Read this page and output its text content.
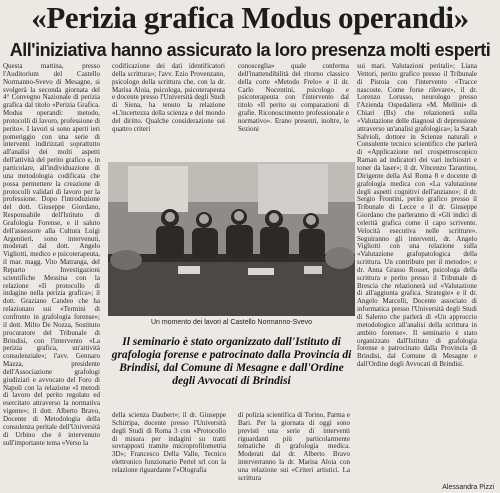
«Perizia grafica Modus operandi»
All'iniziativa hanno assicurato la loro presenza molti esperti

Questa mattina, presso l'Auditorium del Castello Normanno-Svevo di Mesagne, si svolgerà la seconda giornata del 4° Convegno Nazionale di perizia grafica dal titolo «Perizia Grafica. Modus operandi: metodo, protocolli di lavoro, professione di perito». I lavori si sono aperti ieri pomeriggio con una serie di interventi indirizzati soprattutto all'analisi dei molti aspetti dell'attività del perito grafico e, in particolare, all'individuazione di una metodologia codificata che possa permettere la creazione di protocolli validati di lavoro per la professione. Dopo l'introduzione del dott. Giuseppe Giordano, Responsabile dell'Istituto di Grafologia Forense, e il saluto dell'assessore alla Cultura Luigi Argentieri, sono intervenuti, moderati dal dott. Angelo Vigliotti, medico e psicoterapeuta, il mar. magg. Vito Matranga, del Reparto Investigazioni scientifiche Messina con la relazione «Il protocollo di indagine nella perizia grafica»; il dott. Graziano Candeo che ha relazionato sui «Termini di confronto in grafologia forense»; il dott. Milto De Nozza, Sostituto procuratore del Tribunale di Brindisi, con l'intervento «La perizia grafica, un'attività consulenziale»; l'avv. Gennaro Mazza, presidente dell'Associazione grafologi giudiziari e avvocato del Foro di Napoli con la relazione «I metodi di lavoro del perito regolato ed esercitato attraverso la normativa vigente»; il dott. Alberto Bravo, Docente di Metodologia della consulenza peritale dell'Università di Urbino che è intervenuto sull'importante tema «Verso la

codificazione dei dati identificatori della scrittura»; l'avv. Ezio Provenzano, psicologo della scrittura che, con la dr. Marisa Aloia, psicologa, psicoterapeuta e docente presso l'Università degli Studi di Siena, ha tenuto la relazione «L'incertezza della scienza e del mondo del diritto. Qualche considerazione sui quattro criteri

conosceglia» quale conferma dell'inattendibilità del ritorno classico della corte «Metodo Frelo» e il dr. Carlo Nocentini, psicologo e psicoterapeuta con l'intervento dal titolo «Il perito su comparazioni di grafie. Riconoscimento professionale e normativo». Erano presenti, inoltre, le Sezioni

sui mari. Valutazioni peritali»; Liana Vettori, perito grafico presso il Tribunale di Pistoia con l'intervento «Tracce nascoste. Come forse rilevare», il dr. Lorenzo Lorusso, neurologo presso l'Azienda Ospedaliera «M. Mellini» di Chiari (Bs) che relazionerà sulla «Valutazione delle diagnosi di depressione attraverso un'analisi grafologica»; la Sarah Salvioli, dottore in Scienze naturali e Consulente tecnico scientifico che parlerà di «Applicazione nel crospettroscopico Raman ad indicatori dei vari inchiostri e toner da laser»; il dr. Vincenzo Tarantino, Dirigente della Asl Roma 8 e docente di grafologia medica con «La valutazione degli aspetti cognitivi dell'anziano»; il dr. Sergio Frontini, perito grafico presso il Tribunale di Lecce e il dr. Giuseppe Giordano che parleranno di «Gli indici di celerità grafica come il capo scrivente. Velocità esecutiva nelle scritture». Seguiranno gli interventi, dr. Angelo Vigliotti con una relazione sulla «Valutazione grafopatologica della scrittura. Un contributo per il metodo»; e dr. Anna Grasso Rosset, psicologa della scrittura e perito presso il Tribunale di Brescia che relazionerà sul «Valutazione di all'aggiunta grafica. Strategie» e il dr. Angelo Marcelli, Docente associato di informatica presso l'Università degli Studi di Salerno che parlerà di «Un approccio metodologico all'analisi della scrittura in ambito forense». Il seminario è stato organizzato dall'Istituto di grafologia forense e patrocinato dalla Provincia di Brindisi, dal Comune di Mesagne e dall'Ordine degli Avvocati di Brindisi.

Un momento dei lavori al Castello Normanno-Svevo
Il seminario è stato organizzato dall'Istituto di grafologia forense e patrocinato dalla Provincia di Brindisi, dal Comune di Mesagne e dall'Ordine degli Avvocati di Brindisi

della scienza Daubert»; il dr. Giuseppe Schirripa, docente presso l'Università degli Studi di Roma 3 con «Protocollo di misura per indagini su tratti sovrapposti tramite microprofilometria 3D»; Francesco Della Valle, Tecnico elettronico funzionario Pertel srl con la relazione riguardante l'«Olografia

di polizia scientifica di Torino, Parma e Bari. Per la giornata di oggi sono previsti una serie di interventi riguardanti più particolarmente tematiche di grafologia medica. Moderati dal dr. Alberto Bravo interverranno la dr. Marisa Aloia con una relazione sui «Criteri artistici. La scrittura

Alessandra Pizzi
